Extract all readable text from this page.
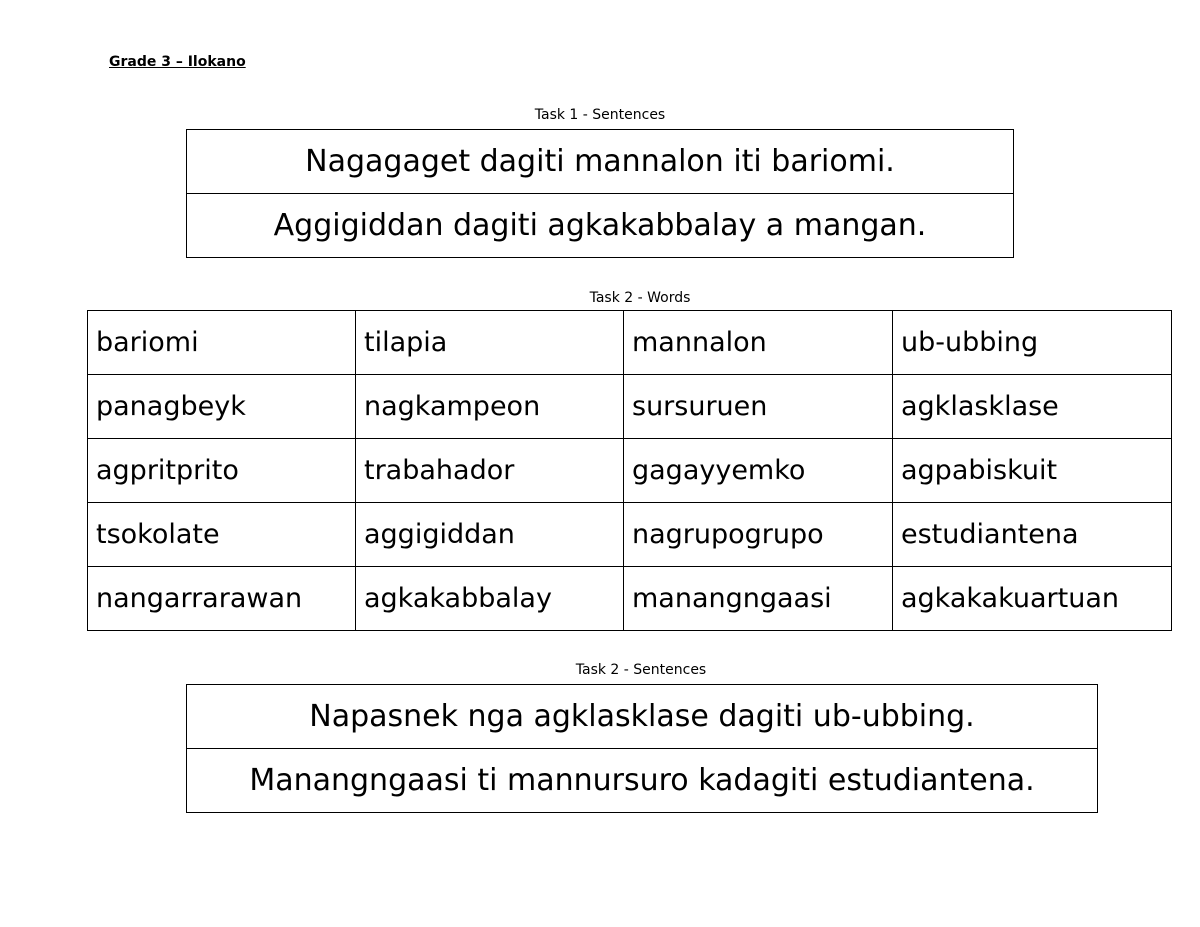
Grade 3 – Ilokano

Task 1 - Sentences

Nagagaget dagiti mannalon iti bariomi.
Aggigiddan dagiti agkakabbalay a mangan.

Task 2 - Words

bariomi	tilapia	mannalon	ub-ubbing
panagbeyk	nagkampeon	sursuruen	agklasklase
agpritprito	trabahador	gagayyemko	agpabiskuit
tsokolate	aggigiddan	nagrupogrupo	estudiantena
nangarrarawan	agkakabbalay	manangngaasi	agkakakuartuan

Task 2 - Sentences

Napasnek nga agklasklase dagiti ub-ubbing.
Manangngaasi ti mannursuro kadagiti estudiantena.
